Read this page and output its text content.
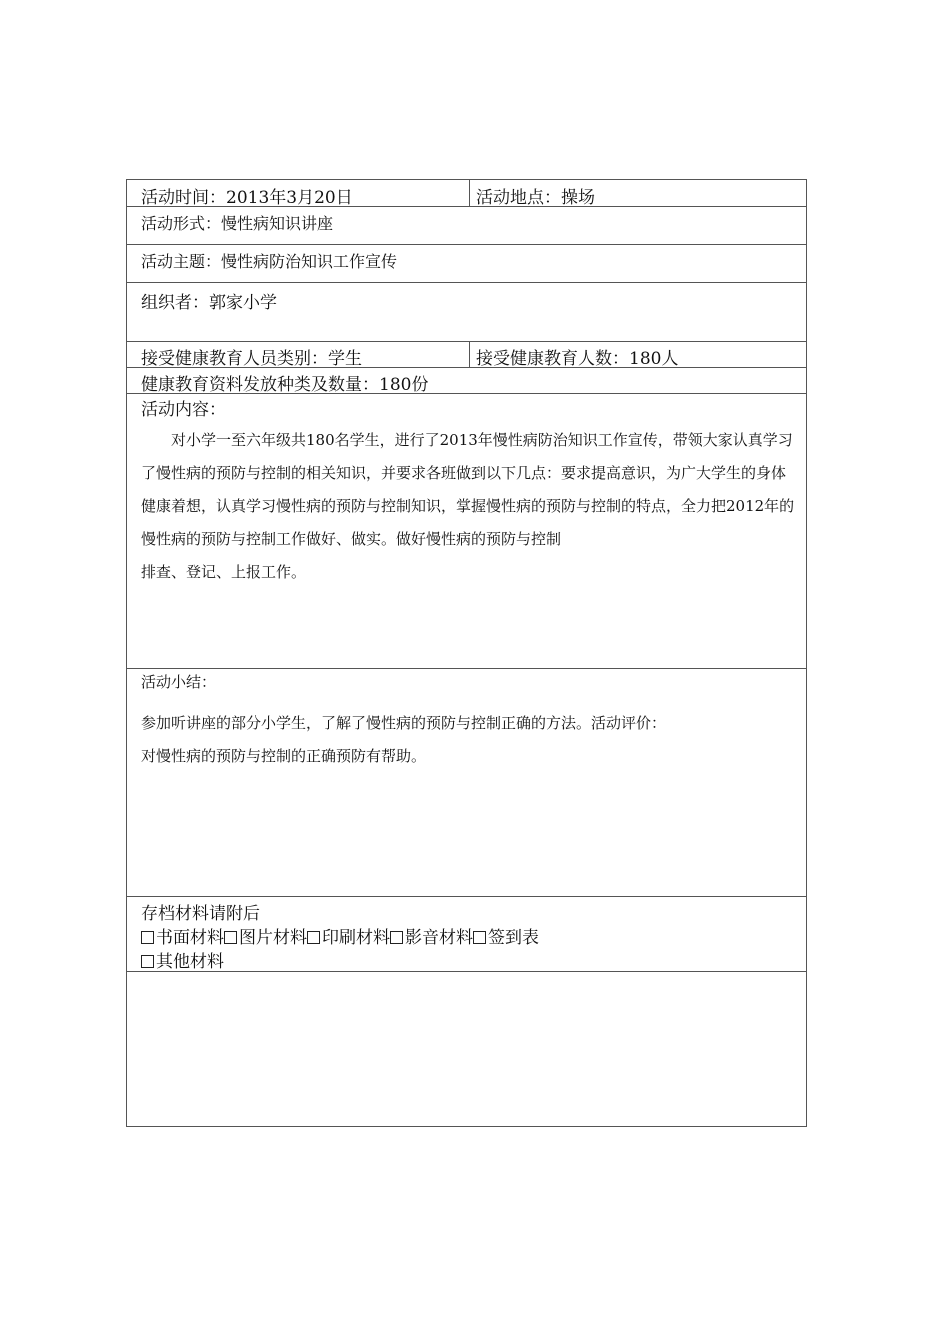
活动时间：2013年3月20日	活动地点：操场
活动形式：慢性病知识讲座
活动主题：慢性病防治知识工作宣传
组织者：郭家小学
接受健康教育人员类别：学生	接受健康教育人数：180人
健康教育资料发放种类及数量：180份
活动内容：

对小学一至六年级共180名学生，进行了2013年慢性病防治知识工作宣传，带领大家认真学习了慢性病的预防与控制的相关知识，并要求各班做到以下几点：要求提高意识，为广大学生的身体健康着想，认真学习慢性病的预防与控制知识，掌握慢性病的预防与控制的特点，全力把2012年的慢性病的预防与控制工作做好、做实。做好慢性病的预防与控制

排查、登记、上报工作。

活动小结：
参加听讲座的部分小学生，了解了慢性病的预防与控制正确的方法。活动评价：
对慢性病的预防与控制的正确预防有帮助。
存档材料请附后
书面材料 图片材料 印刷材料 影音材料 签到表
其他材料
